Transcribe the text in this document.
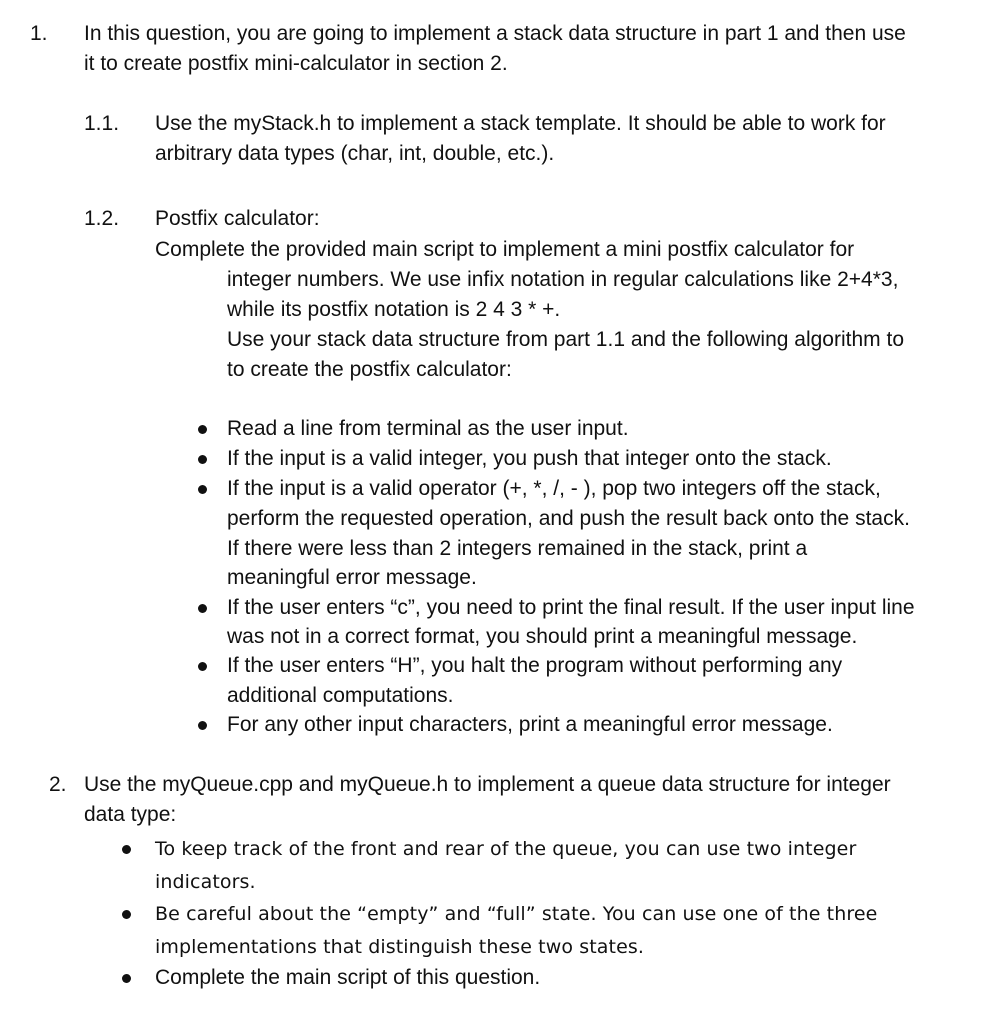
1. In this question, you are going to implement a stack data structure in part 1 and then use
it to create postfix mini-calculator in section 2.
1.1. Use the myStack.h to implement a stack template. It should be able to work for
arbitrary data types (char, int, double, etc.).
1.2. Postfix calculator:
Complete the provided main script to implement a mini postfix calculator for
integer numbers. We use infix notation in regular calculations like 2+4*3,
while its postfix notation is 2 4 3 * +.
Use your stack data structure from part 1.1 and the following algorithm to
to create the postfix calculator:
Read a line from terminal as the user input.
If the input is a valid integer, you push that integer onto the stack.
If the input is a valid operator (+, *, /, - ), pop two integers off the stack,
perform the requested operation, and push the result back onto the stack.
If there were less than 2 integers remained in the stack, print a
meaningful error message.
If the user enters “c”, you need to print the final result. If the user input line
was not in a correct format, you should print a meaningful message.
If the user enters “H”, you halt the program without performing any
additional computations.
For any other input characters, print a meaningful error message.
2. Use the myQueue.cpp and myQueue.h to implement a queue data structure for integer
data type:
To keep track of the front and rear of the queue, you can use two integer
indicators.
Be careful about the “empty” and “full” state. You can use one of the three
implementations that distinguish these two states.
Complete the main script of this question.
